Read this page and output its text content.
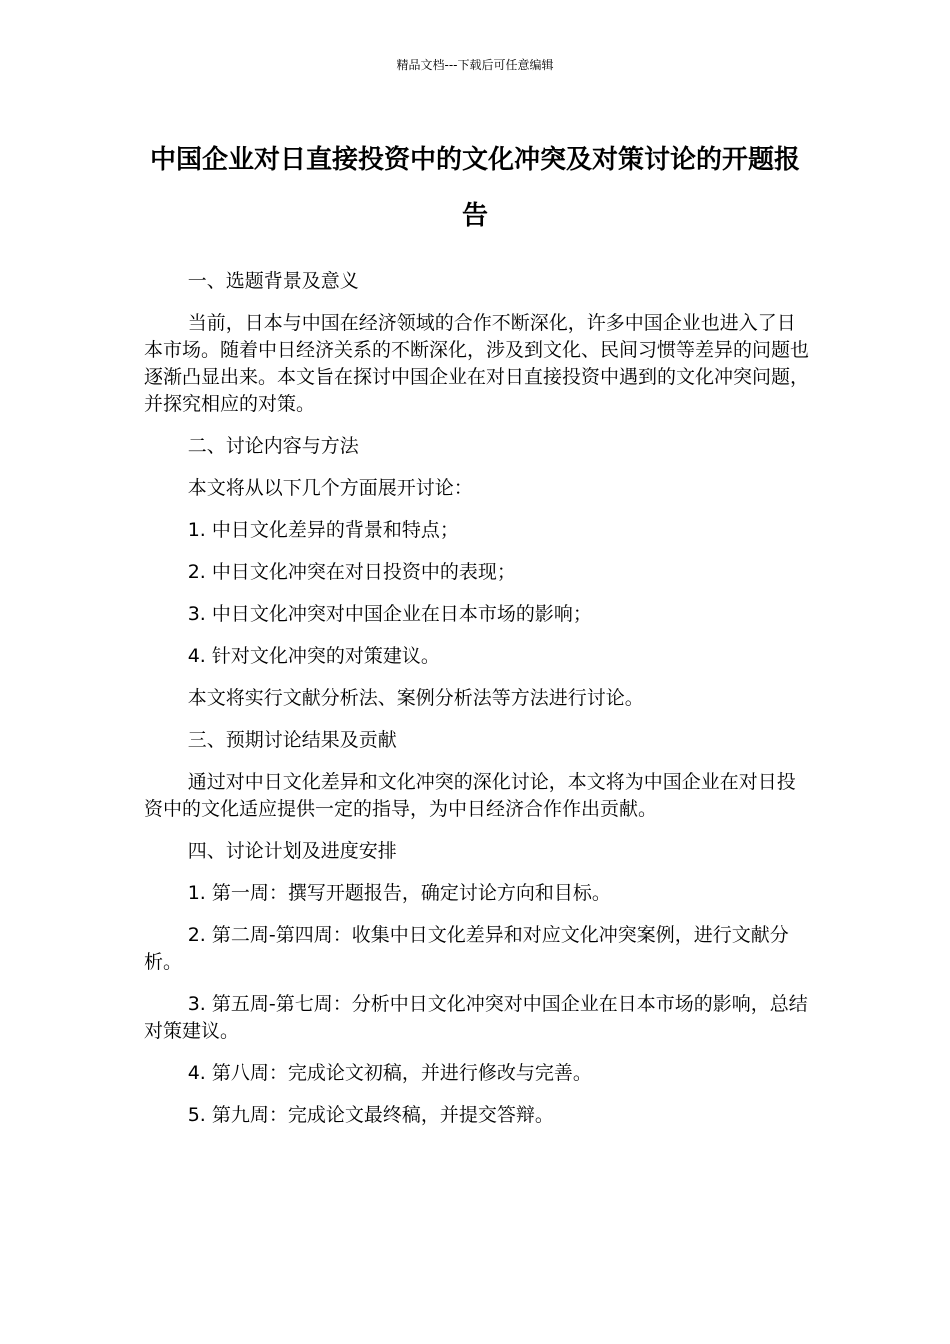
精品文档---下载后可任意编辑
中国企业对日直接投资中的文化冲突及对策讨论的开题报告

一、选题背景及意义

当前，日本与中国在经济领域的合作不断深化，许多中国企业也进入了日本市场。随着中日经济关系的不断深化，涉及到文化、民间习惯等差异的问题也逐渐凸显出来。本文旨在探讨中国企业在对日直接投资中遇到的文化冲突问题，并探究相应的对策。

二、讨论内容与方法

本文将从以下几个方面展开讨论：

1. 中日文化差异的背景和特点；

2. 中日文化冲突在对日投资中的表现；

3. 中日文化冲突对中国企业在日本市场的影响；

4. 针对文化冲突的对策建议。

本文将实行文献分析法、案例分析法等方法进行讨论。

三、预期讨论结果及贡献

通过对中日文化差异和文化冲突的深化讨论，本文将为中国企业在对日投资中的文化适应提供一定的指导，为中日经济合作作出贡献。

四、讨论计划及进度安排

1. 第一周：撰写开题报告，确定讨论方向和目标。

2. 第二周-第四周：收集中日文化差异和对应文化冲突案例，进行文献分析。

3. 第五周-第七周：分析中日文化冲突对中国企业在日本市场的影响，总结对策建议。

4. 第八周：完成论文初稿，并进行修改与完善。

5. 第九周：完成论文最终稿，并提交答辩。
